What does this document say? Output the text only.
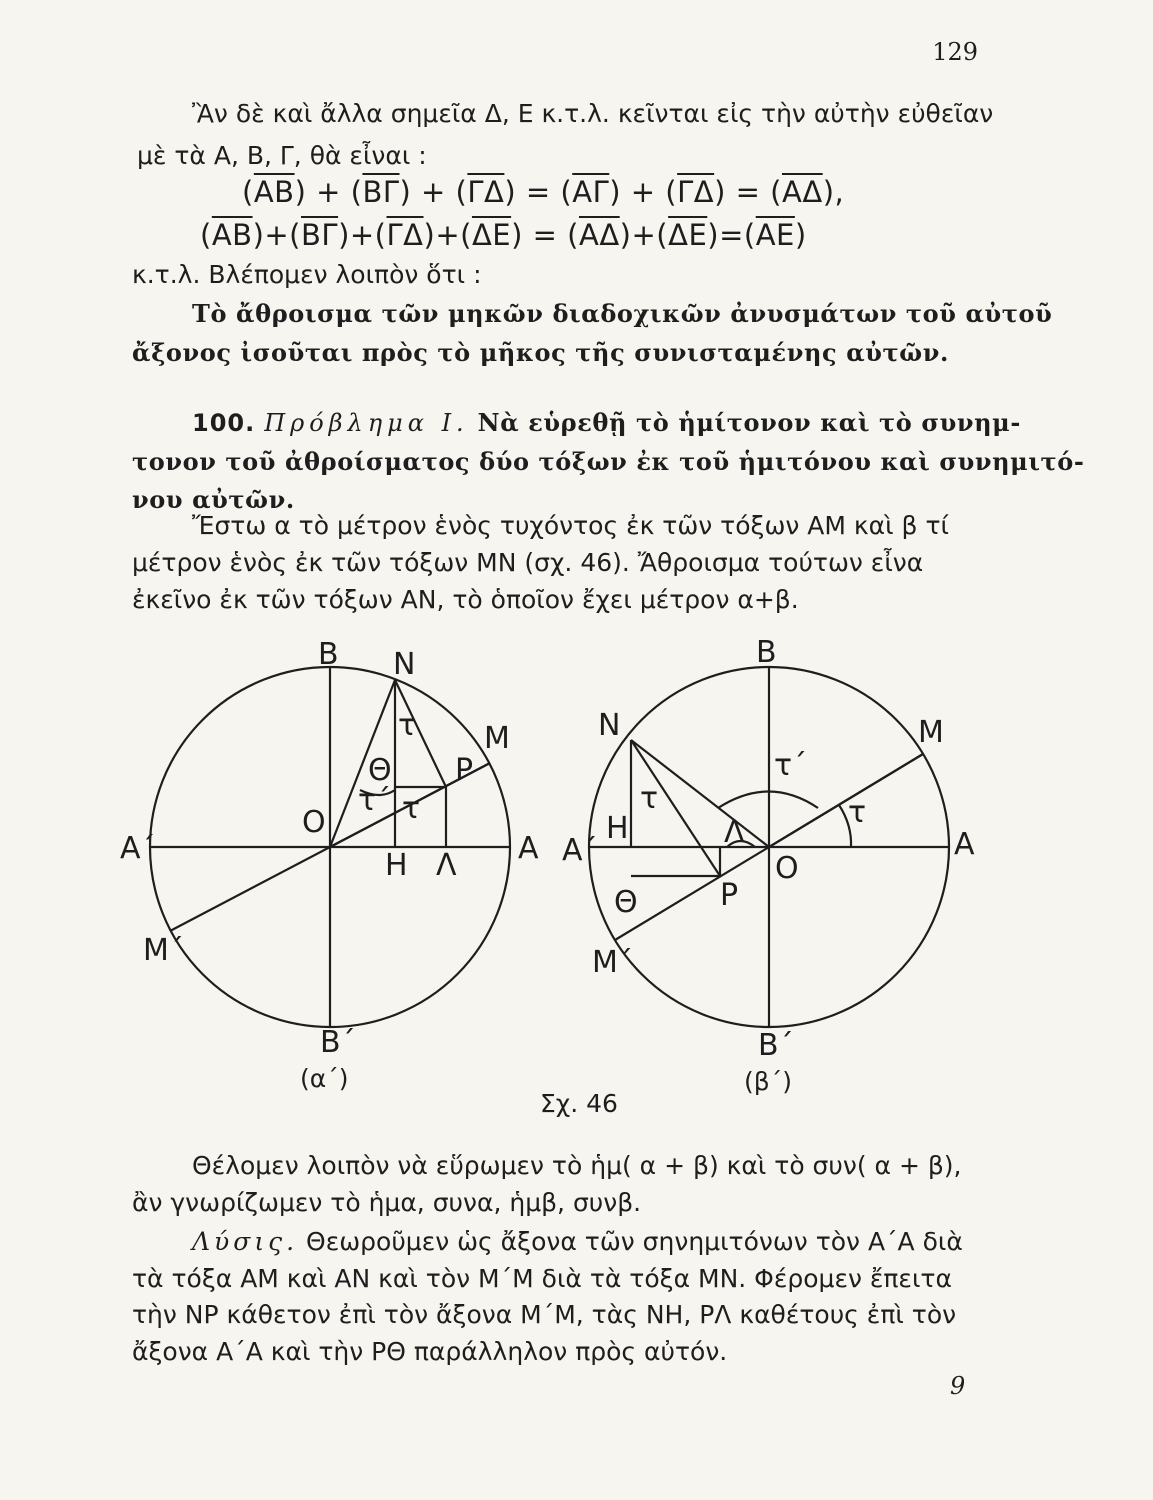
129
Ἂν δὲ καὶ ἄλλα σημεῖα Δ, Ε κ.τ.λ. κεῖνται εἰς τὴν αὐτὴν εὐθεῖαν
μὲ τὰ Α, Β, Γ, θὰ εἶναι :
$(\overline{AB}) + (\overline{B\Gamma}) + (\overline{\Gamma\Delta}) = (\overline{A\Gamma}) + (\overline{\Gamma\Delta}) = (\overline{A\Delta})$,
$(\overline{AB})+(\overline{B\Gamma})+(\overline{\Gamma\Delta})+(\overline{\Delta E}) = (\overline{A\Delta})+(\overline{\Delta E})=(\overline{AE})$
κ.τ.λ. Βλέπομεν λοιπὸν ὅτι :
Τὸ ἄθροισμα τῶν μηκῶν διαδοχικῶν ἀνυσμάτων τοῦ αὐτοῦ
ἄξονος ἰσοῦται πρὸς τὸ μῆκος τῆς συνισταμένης αὐτῶν.
100. Πρόβλημα Ι. Νὰ εὑρεθῇ τὸ ἡμίτονον καὶ τὸ συνημ-
τονον τοῦ ἀθροίσματος δύο τόξων ἐκ τοῦ ἡμιτόνου καὶ συνημιτό-
νου αὐτῶν.
Ἔστω α τὸ μέτρον ἑνὸς τυχόντος ἐκ τῶν τόξων ΑΜ καὶ β τί
μέτρον ἑνὸς ἐκ τῶν τόξων ΜΝ (σχ. 46). Ἄθροισμα τούτων εἶνα
ἐκεῖνο ἐκ τῶν τόξων ΑΝ, τὸ ὁποῖον ἔχει μέτρον α+β.
Β Ν
Μ
Ρ
Θ
τ
τ΄ τ
Ο
Α΄	Α
Η Λ
Μ΄
Β΄
(α΄)
Β
Ν	Μ
τ΄
τ
τ
Λ
Η
Α΄	Α
Ο
Ρ
Θ
Μ΄
Β΄
(β΄)
Σχ. 46
Θέλομεν λοιπὸν νὰ εὕρωμεν τὸ ἡμ( α + β) καὶ τὸ συν( α + β),
ἂν γνωρίζωμεν τὸ ἡμα, συνα, ἡμβ, συνβ.
Λύσις. Θεωροῦμεν ὡς ἄξονα τῶν σηνημιτόνων τὸν Α΄Α διὰ
τὰ τόξα ΑΜ καὶ ΑΝ καὶ τὸν Μ΄Μ διὰ τὰ τόξα ΜΝ. Φέρομεν ἔπειτα
τὴν ΝΡ κάθετον ἐπὶ τὸν ἄξονα Μ΄Μ, τὰς ΝΗ, ΡΛ καθέτους ἐπὶ τὸν
ἄξονα Α΄Α καὶ τὴν ΡΘ παράλληλον πρὸς αὐτόν.
9
